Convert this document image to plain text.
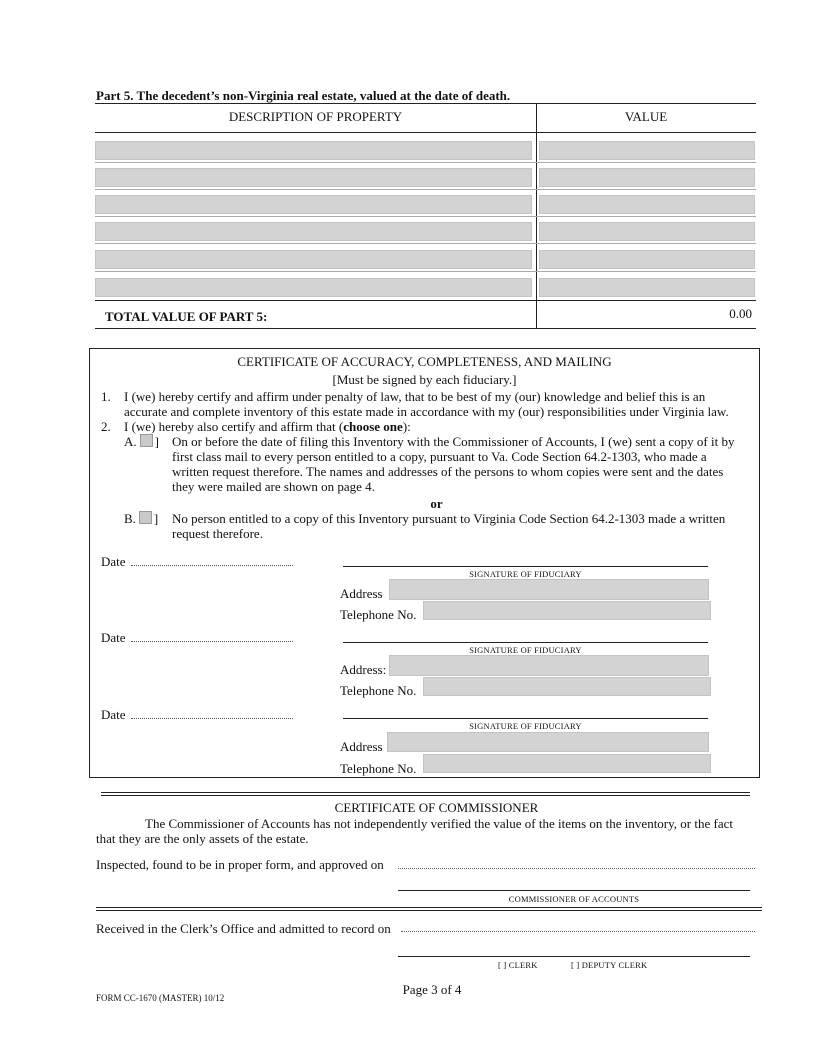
Part 5. The decedent’s non-Virginia real estate, valued at the date of death.
DESCRIPTION OF PROPERTY	VALUE
TOTAL VALUE OF PART 5:	0.00
CERTIFICATE OF ACCURACY, COMPLETENESS, AND MAILING
[Must be signed by each fiduciary.]
1. I (we) hereby certify and affirm under penalty of law, that to be best of my (our) knowledge and belief this is an
accurate and complete inventory of this estate made in accordance with my (our) responsibilities under Virginia law.
2. I (we) hereby also certify and affirm that (choose one):
A. ] On or before the date of filing this Inventory with the Commissioner of Accounts, I (we) sent a copy of it by
first class mail to every person entitled to a copy, pursuant to Va. Code Section 64.2-1303, who made a
written request therefore. The names and addresses of the persons to whom copies were sent and the dates
they were mailed are shown on page 4.
or
B. ] No person entitled to a copy of this Inventory pursuant to Virginia Code Section 64.2-1303 made a written
request therefore.
Date
SIGNATURE OF FIDUCIARY
Address
Telephone No.
Date
SIGNATURE OF FIDUCIARY
Address:
Telephone No.
Date
SIGNATURE OF FIDUCIARY
Address
Telephone No.
CERTIFICATE OF COMMISSIONER
The Commissioner of Accounts has not independently verified the value of the items on the inventory, or the fact
that they are the only assets of the estate.
Inspected, found to be in proper form, and approved on
COMMISSIONER OF ACCOUNTS
Received in the Clerk’s Office and admitted to record on
[ ] CLERK	[ ] DEPUTY CLERK
Page 3 of 4
FORM CC-1670 (MASTER) 10/12
